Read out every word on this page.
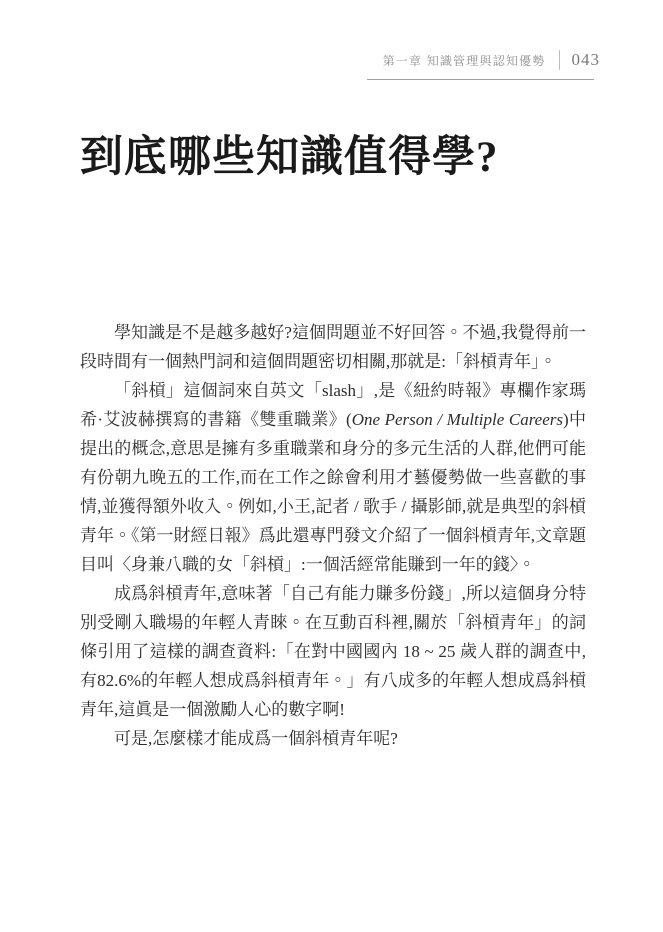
第一章 知識管理與認知優勢 043
到底哪些知識值得學?

學知識是不是越多越好?這個問題並不好回答。不過,我覺得前一段時間有一個熱門詞和這個問題密切相關,那就是:「斜槓青年」。

「斜槓」這個詞來自英文「slash」,是《紐約時報》專欄作家瑪希·艾波赫撰寫的書籍《雙重職業》(One Person / Multiple Careers)中提出的概念,意思是擁有多重職業和身分的多元生活的人群,他們可能有份朝九晚五的工作,而在工作之餘會利用才藝優勢做一些喜歡的事情,並獲得額外收入。例如,小王,記者 / 歌手 / 攝影師,就是典型的斜槓青年。《第一財經日報》爲此還專門發文介紹了一個斜槓青年,文章題目叫〈身兼八職的女「斜槓」:一個活經常能賺到一年的錢〉。

成爲斜槓青年,意味著「自己有能力賺多份錢」,所以這個身分特別受剛入職場的年輕人青睞。在互動百科裡,關於「斜槓青年」的詞條引用了這樣的調查資料:「在對中國國內 18 ~ 25 歲人群的調查中,有82.6%的年輕人想成爲斜槓青年。」有八成多的年輕人想成爲斜槓青年,這眞是一個激勵人心的數字啊!

可是,怎麼樣才能成爲一個斜槓青年呢?
